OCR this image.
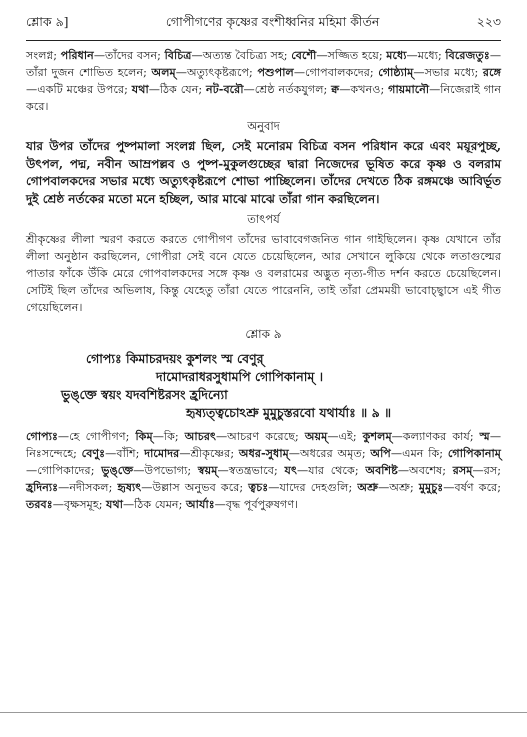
শ্লোক ৯]	গোপীগণের কৃষ্ণের বংশীধ্বনির মহিমা কীর্তন	২২৩

সংলগ্ন; পরিধান—তাঁদের বসন; বিচিত্র—অত্যন্ত বৈচিত্র্য সহ; বেশৌ—সজ্জিত হয়ে; মধ্যে—মধ্যে; বিরেজতুঃ—তাঁরা দুজন শোভিত হলেন; অলম্—অত্যুৎকৃষ্টরূপে; পশুপাল—গোপবালকদের; গোষ্ঠ্যাম্—সভার মধ্যে; রঙ্গে—একটি মঞ্চের উপরে; যথা—ঠিক যেন; নট-বরৌ—শ্রেষ্ঠ নর্তকযুগল; ক্ব—কখনও; গায়মানৌ—নিজেরাই গান করে।

অনুবাদ

যার উপর তাঁদের পুষ্পমালা সংলগ্ন ছিল, সেই মনোরম বিচিত্র বসন পরিধান করে এবং ময়ূরপুচ্ছ, উৎপল, পদ্ম, নবীন আম্রপল্লব ও পুষ্প-মুকুলগুচ্ছের দ্বারা নিজেদের ভূষিত করে কৃষ্ণ ও বলরাম গোপবালকদের সভার মধ্যে অত্যুৎকৃষ্টরূপে শোভা পাচ্ছিলেন। তাঁদের দেখতে ঠিক রঙ্গমঞ্চে আবির্ভূত দুই শ্রেষ্ঠ নর্তকের মতো মনে হচ্ছিল, আর মাঝে মাঝে তাঁরা গান করছিলেন।

তাৎপর্য

শ্রীকৃষ্ণের লীলা স্মরণ করতে করতে গোপীগণ তাঁদের ভাবাবেগজনিত গান গাইছিলেন। কৃষ্ণ যেখানে তাঁর লীলা অনুষ্ঠান করছিলেন, গোপীরা সেই বনে যেতে চেয়েছিলেন, আর সেখানে লুকিয়ে থেকে লতাগুল্মের পাতার ফাঁকে উঁকি মেরে গোপবালকদের সঙ্গে কৃষ্ণ ও বলরামের অদ্ভুত নৃত্য-গীত দর্শন করতে চেয়েছিলেন। সেটিই ছিল তাঁদের অভিলাষ, কিন্তু যেহেতু তাঁরা যেতে পারেননি, তাই তাঁরা প্রেমময়ী ভাবোচ্ছ্বাসে এই গীত গেয়েছিলেন।

শ্লোক ৯
গোপ্যঃ কিমাচরদয়ং কুশলং স্ম বেণুর্
দামোদরাধরসুধামপি গোপিকানাম্ ।
ভুঙ্‌ক্তে স্বয়ং যদবশিষ্টরসং হ্রদিন্যো
হৃষ্যত্ত্বচোঽশ্রু মুমুচুস্তরবো যথার্যাঃ ॥ ৯ ॥

গোপ্যঃ—হে গোপীগণ; কিম্—কি; আচরৎ—আচরণ করেছে; অয়ম্—এই; কুশলম্—কল্যাণকর কার্য; স্ম—নিঃসন্দেহে; বেণুঃ—বাঁশি; দামোদর—শ্রীকৃষ্ণের; অধর-সুধাম্—অধরের অমৃত; অপি—এমন কি; গোপিকানাম্—গোপিকাদের; ভুঙ্‌ক্তে—উপভোগ্য; স্বয়ম্—স্বতন্ত্রভাবে; যৎ—যার থেকে; অবশিষ্ট—অবশেষ; রসম্—রস; হ্রদিন্যঃ—নদীসকল; হৃষ্যৎ—উল্লাস অনুভব করে; ত্বচঃ—যাদের দেহগুলি; অশ্রু—অশ্রু; মুমুচুঃ—বর্ষণ করে; তরবঃ—বৃক্ষসমূহ; যথা—ঠিক যেমন; আর্যাঃ—বৃদ্ধ পূর্বপুরুষগণ।
